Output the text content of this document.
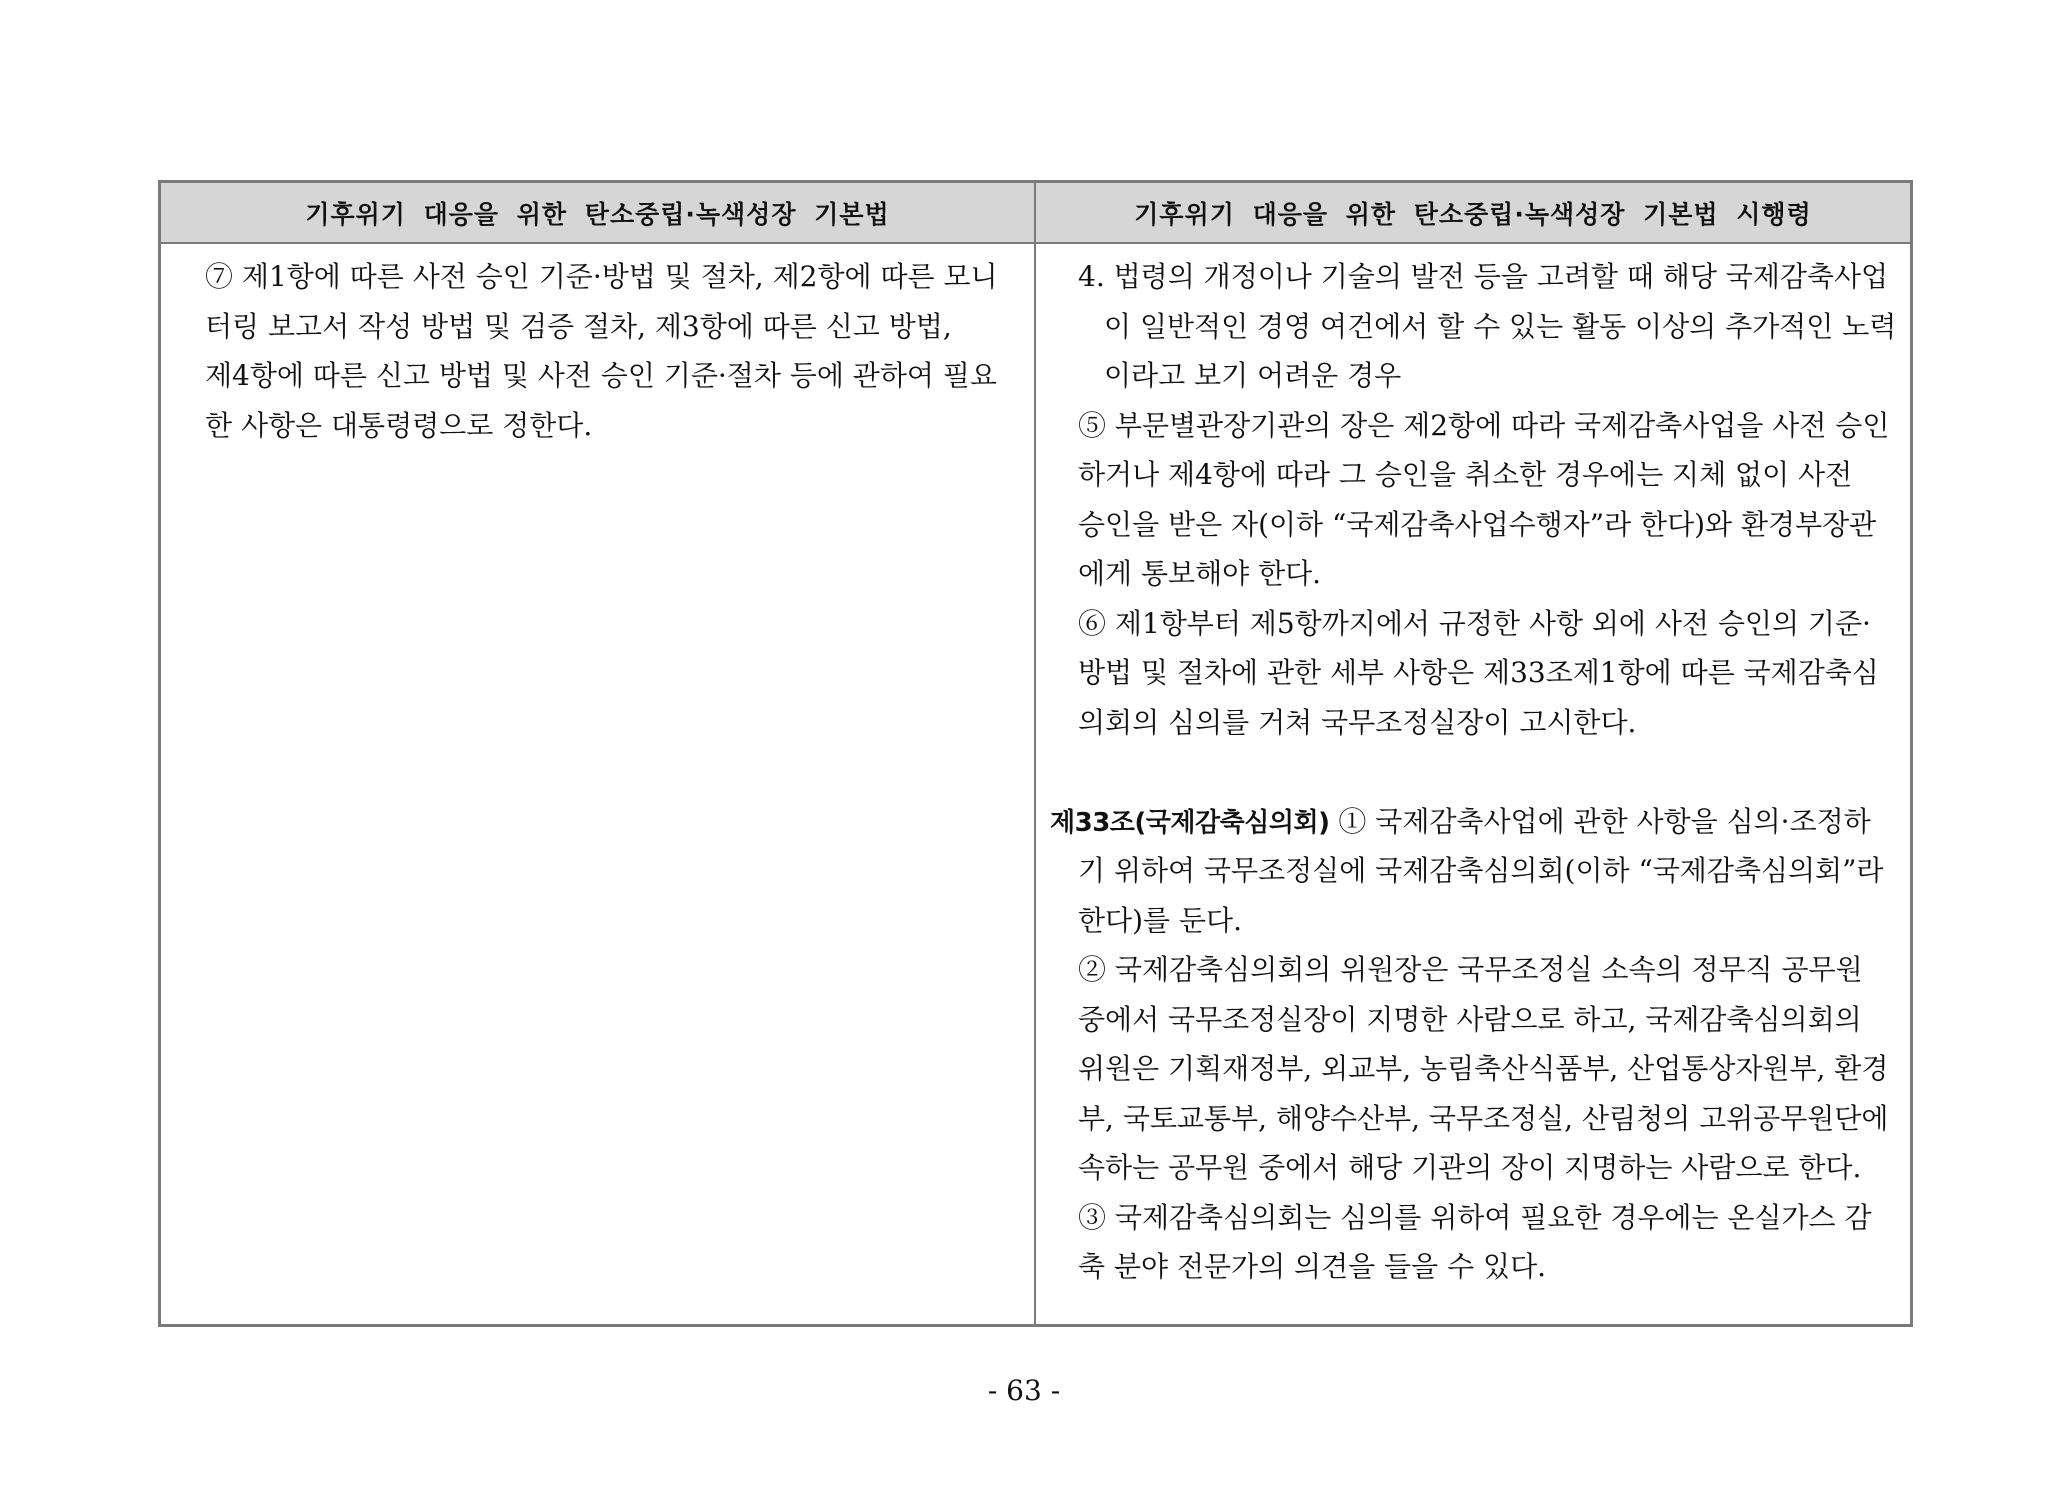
기후위기 대응을 위한 탄소중립·녹색성장 기본법	기후위기 대응을 위한 탄소중립·녹색성장 기본법 시행령
⑦ 제1항에 따른 사전 승인 기준·방법 및 절차, 제2항에 따른 모니
터링 보고서 작성 방법 및 검증 절차, 제3항에 따른 신고 방법,
제4항에 따른 신고 방법 및 사전 승인 기준·절차 등에 관하여 필요
한 사항은 대통령령으로 정한다.
4. 법령의 개정이나 기술의 발전 등을 고려할 때 해당 국제감축사업
이 일반적인 경영 여건에서 할 수 있는 활동 이상의 추가적인 노력
이라고 보기 어려운 경우
⑤ 부문별관장기관의 장은 제2항에 따라 국제감축사업을 사전 승인
하거나 제4항에 따라 그 승인을 취소한 경우에는 지체 없이 사전
승인을 받은 자(이하 “국제감축사업수행자”라 한다)와 환경부장관
에게 통보해야 한다.
⑥ 제1항부터 제5항까지에서 규정한 사항 외에 사전 승인의 기준·
방법 및 절차에 관한 세부 사항은 제33조제1항에 따른 국제감축심
의회의 심의를 거쳐 국무조정실장이 고시한다.
제33조(국제감축심의회) ① 국제감축사업에 관한 사항을 심의·조정하
기 위하여 국무조정실에 국제감축심의회(이하 “국제감축심의회”라
한다)를 둔다.
② 국제감축심의회의 위원장은 국무조정실 소속의 정무직 공무원
중에서 국무조정실장이 지명한 사람으로 하고, 국제감축심의회의
위원은 기획재정부, 외교부, 농림축산식품부, 산업통상자원부, 환경
부, 국토교통부, 해양수산부, 국무조정실, 산림청의 고위공무원단에
속하는 공무원 중에서 해당 기관의 장이 지명하는 사람으로 한다.
③ 국제감축심의회는 심의를 위하여 필요한 경우에는 온실가스 감
축 분야 전문가의 의견을 들을 수 있다.
- 63 -
